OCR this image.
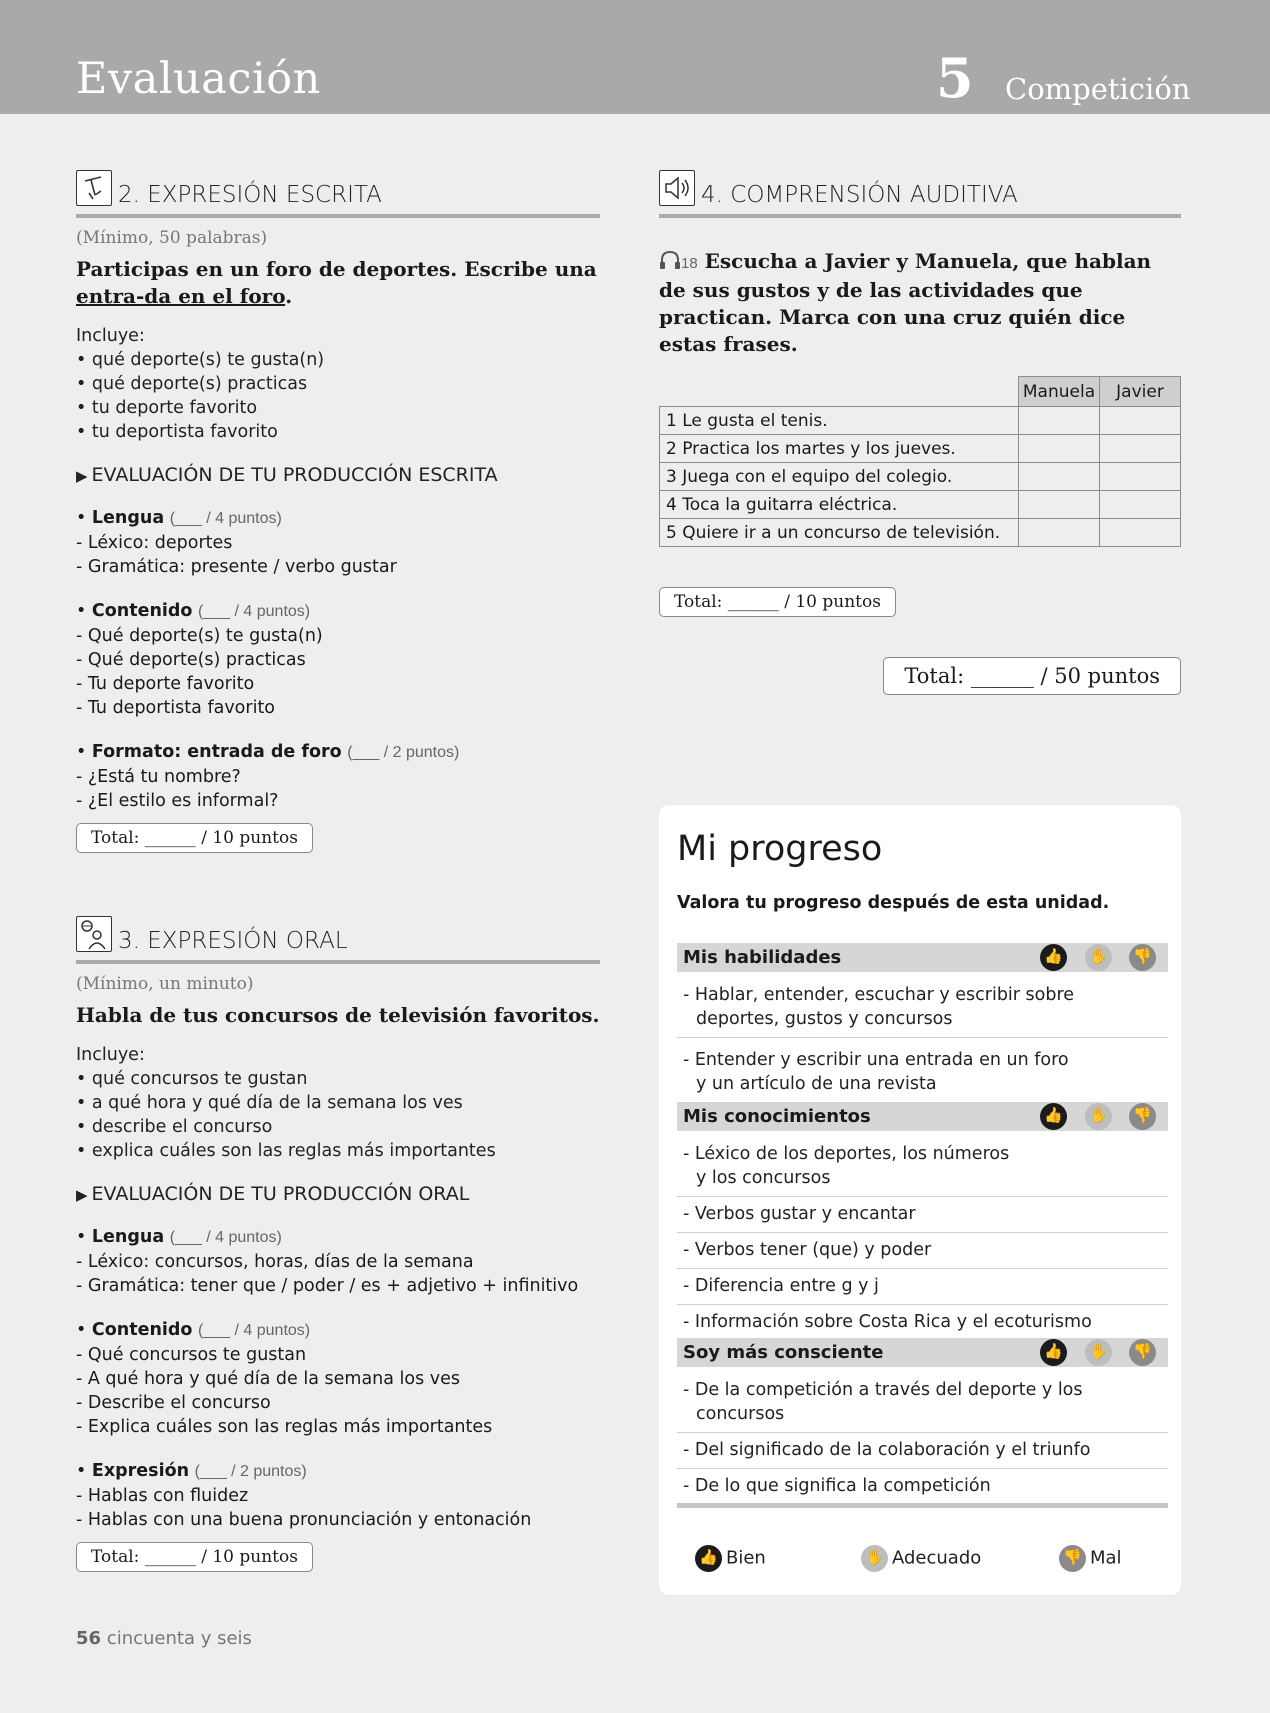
Evaluación	5 Competición
2. EXPRESIÓN ESCRITA
(Mínimo, 50 palabras)
Participas en un foro de deportes. Escribe una entra-da en el foro.
Incluye:
• qué deporte(s) te gusta(n)
• qué deporte(s) practicas
• tu deporte favorito
• tu deportista favorito
▶ EVALUACIÓN DE TU PRODUCCIÓN ESCRITA
• Lengua (___ / 4 puntos)
- Léxico: deportes
- Gramática: presente / verbo gustar
• Contenido (___ / 4 puntos)
- Qué deporte(s) te gusta(n)
- Qué deporte(s) practicas
- Tu deporte favorito
- Tu deportista favorito
• Formato: entrada de foro (___ / 2 puntos)
- ¿Está tu nombre?
- ¿El estilo es informal?
Total: ______ / 10 puntos
3. EXPRESIÓN ORAL
(Mínimo, un minuto)
Habla de tus concursos de televisión favoritos.
Incluye:
• qué concursos te gustan
• a qué hora y qué día de la semana los ves
• describe el concurso
• explica cuáles son las reglas más importantes
▶ EVALUACIÓN DE TU PRODUCCIÓN ORAL
• Lengua (___ / 4 puntos)
- Léxico: concursos, horas, días de la semana
- Gramática: tener que / poder / es + adjetivo + infinitivo
• Contenido (___ / 4 puntos)
- Qué concursos te gustan
- A qué hora y qué día de la semana los ves
- Describe el concurso
- Explica cuáles son las reglas más importantes
• Expresión (___ / 2 puntos)
- Hablas con fluidez
- Hablas con una buena pronunciación y entonación
Total: ______ / 10 puntos
4. COMPRENSIÓN AUDITIVA
18 Escucha a Javier y Manuela, que hablan de sus gustos y de las actividades que practican. Marca con una cruz quién dice estas frases.
	Manuela	Javier
1 Le gusta el tenis.		
2 Practica los martes y los jueves.		
3 Juega con el equipo del colegio.		
4 Toca la guitarra eléctrica.		
5 Quiere ir a un concurso de televisión.		
Total: ______ / 10 puntos
Total: ______ / 50 puntos
Mi progreso
Valora tu progreso después de esta unidad.
Mis habilidades	👍 ✋ 👎
- Hablar, entender, escuchar y escribir sobre
deportes, gustos y concursos
- Entender y escribir una entrada en un foro
y un artículo de una revista
Mis conocimientos	👍 ✋ 👎
- Léxico de los deportes, los números
y los concursos
- Verbos gustar y encantar
- Verbos tener (que) y poder
- Diferencia entre g y j
- Información sobre Costa Rica y el ecoturismo
Soy más consciente	👍 ✋ 👎
- De la competición a través del deporte y los
concursos
- Del significado de la colaboración y el triunfo
- De lo que significa la competición
👍 Bien	✋ Adecuado	👎 Mal
56 cincuenta y seis
